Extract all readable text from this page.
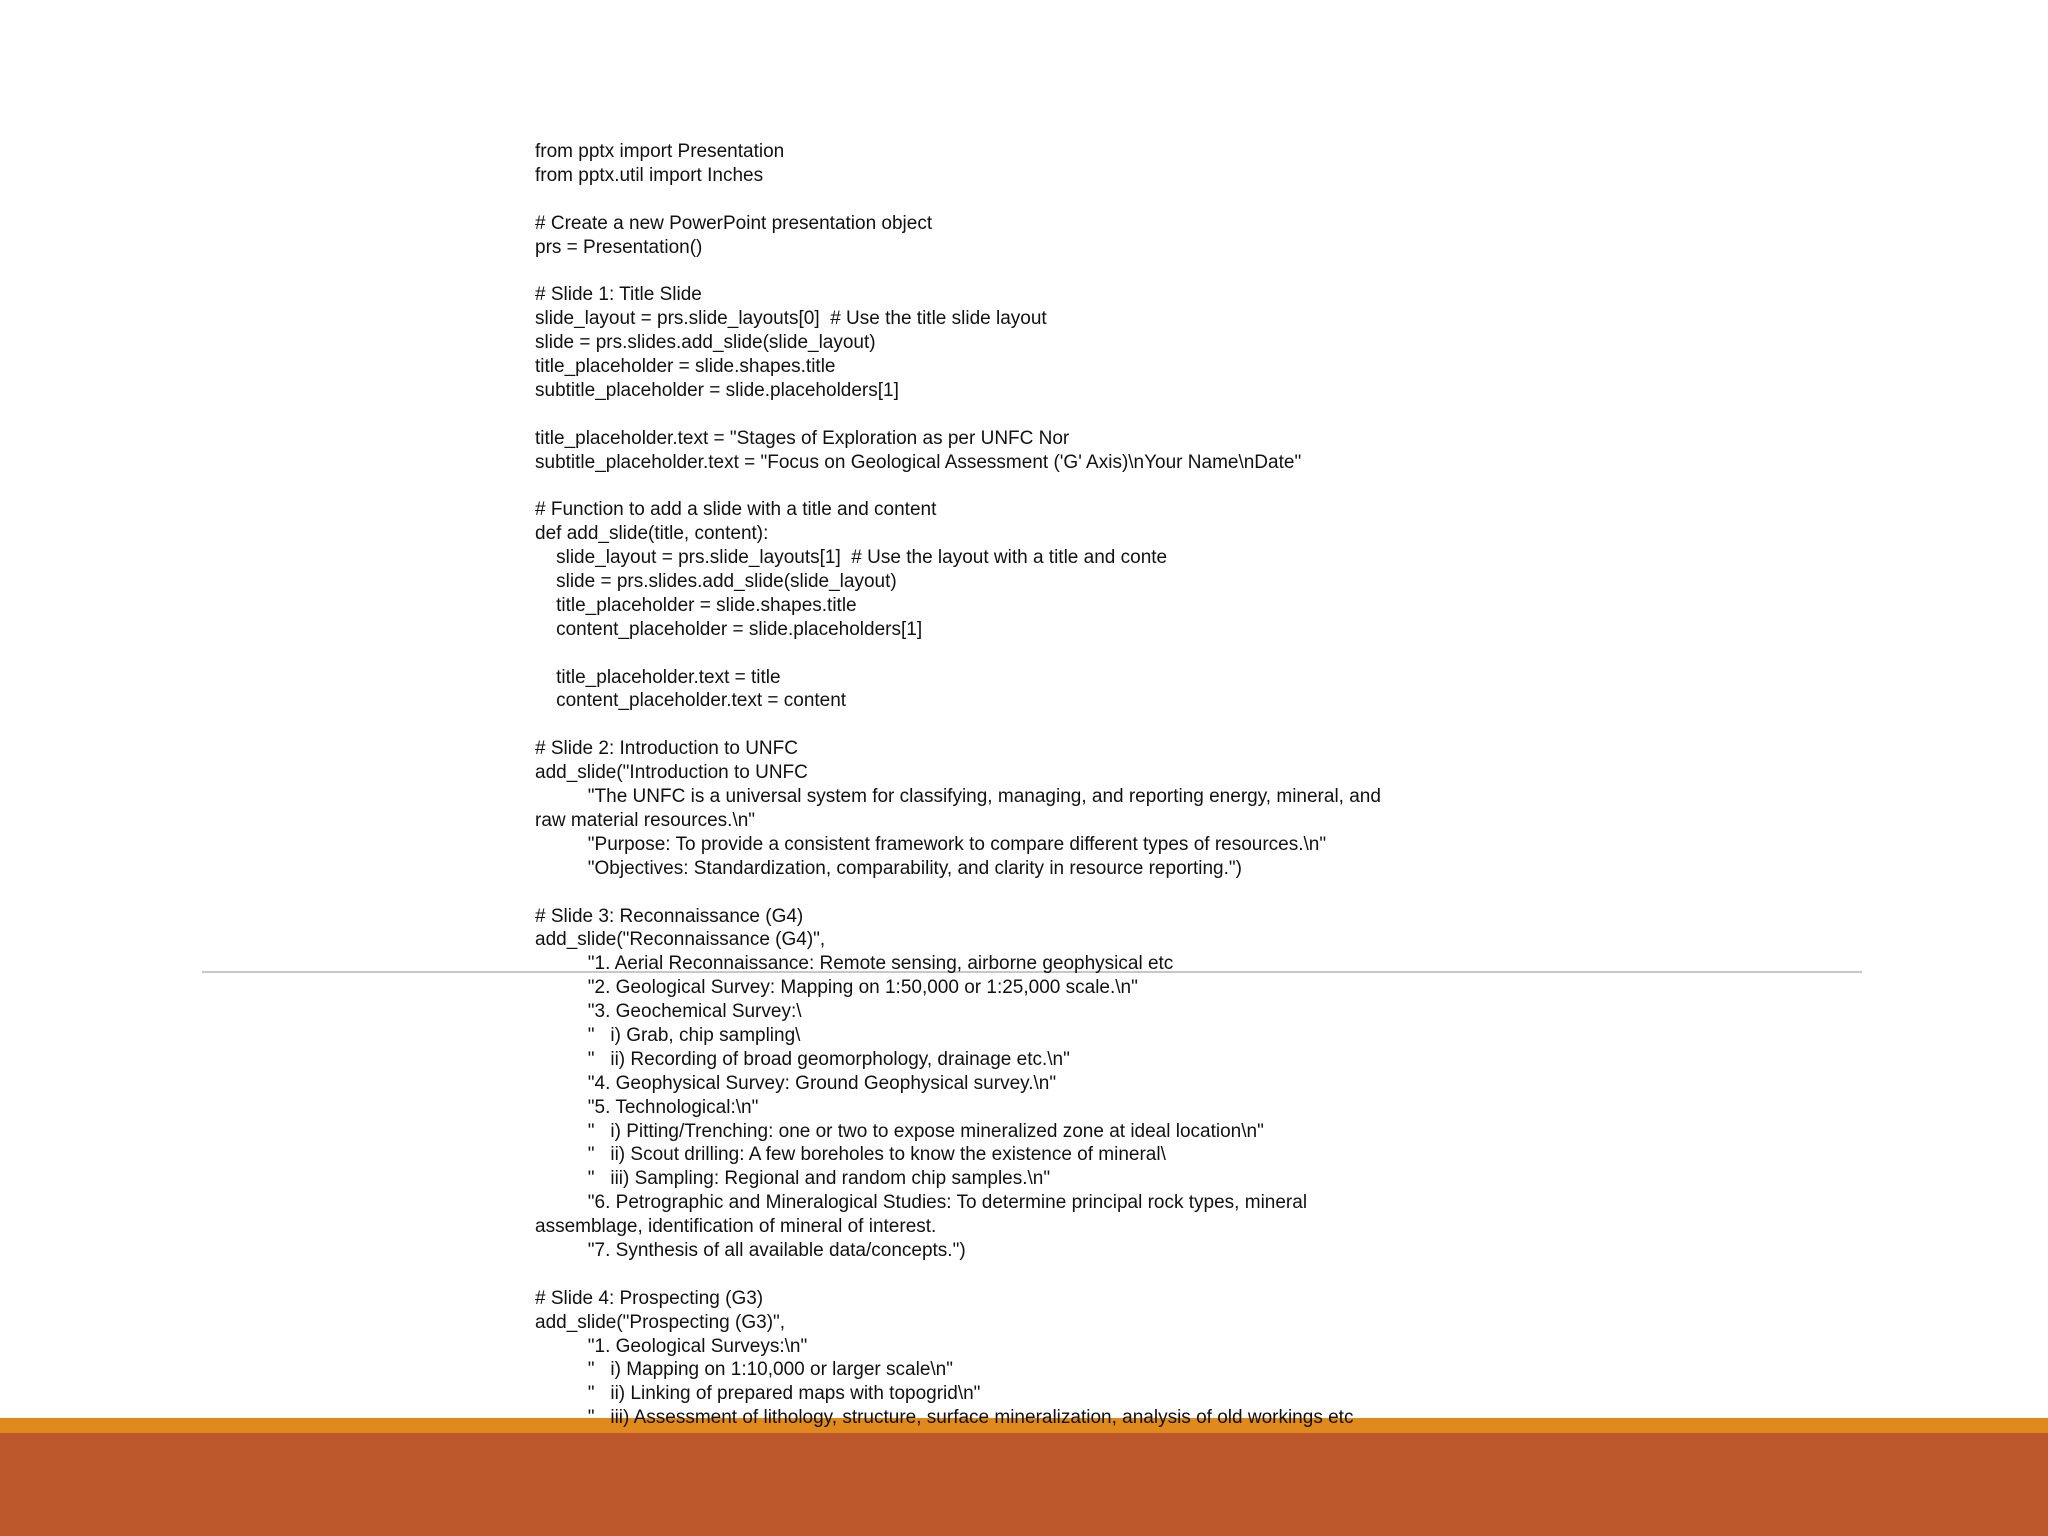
from pptx import Presentation
from pptx.util import Inches
# Create a new PowerPoint presentation object
prs = Presentation()
# Slide 1: Title Slide
slide_layout = prs.slide_layouts[0]  # Use the title slide layout
slide = prs.slides.add_slide(slide_layout)
title_placeholder = slide.shapes.title
subtitle_placeholder = slide.placeholders[1]
title_placeholder.text = "Stages of Exploration as per UNFC Nor
subtitle_placeholder.text = "Focus on Geological Assessment ('G' Axis)\nYour Name\nDate"
# Function to add a slide with a title and content
def add_slide(title, content):
slide_layout = prs.slide_layouts[1]  # Use the layout with a title and conte
slide = prs.slides.add_slide(slide_layout)
title_placeholder = slide.shapes.title
content_placeholder = slide.placeholders[1]
title_placeholder.text = title
content_placeholder.text = content
# Slide 2: Introduction to UNFC
add_slide("Introduction to UNFC
"The UNFC is a universal system for classifying, managing, and reporting energy, mineral, and
raw material resources.\n"
"Purpose: To provide a consistent framework to compare different types of resources.\n"
"Objectives: Standardization, comparability, and clarity in resource reporting.")
# Slide 3: Reconnaissance (G4)
add_slide("Reconnaissance (G4)",
"1. Aerial Reconnaissance: Remote sensing, airborne geophysical etc
"2. Geological Survey: Mapping on 1:50,000 or 1:25,000 scale.\n"
"3. Geochemical Survey:\
"   i) Grab, chip sampling\
"   ii) Recording of broad geomorphology, drainage etc.\n"
"4. Geophysical Survey: Ground Geophysical survey.\n"
"5. Technological:\n"
"   i) Pitting/Trenching: one or two to expose mineralized zone at ideal location\n"
"   ii) Scout drilling: A few boreholes to know the existence of mineral\
"   iii) Sampling: Regional and random chip samples.\n"
"6. Petrographic and Mineralogical Studies: To determine principal rock types, mineral
assemblage, identification of mineral of interest.
"7. Synthesis of all available data/concepts.")
# Slide 4: Prospecting (G3)
add_slide("Prospecting (G3)",
"1. Geological Surveys:\n"
"   i) Mapping on 1:10,000 or larger scale\n"
"   ii) Linking of prepared maps with topogrid\n"
"   iii) Assessment of lithology, structure, surface mineralization, analysis of old workings etc
